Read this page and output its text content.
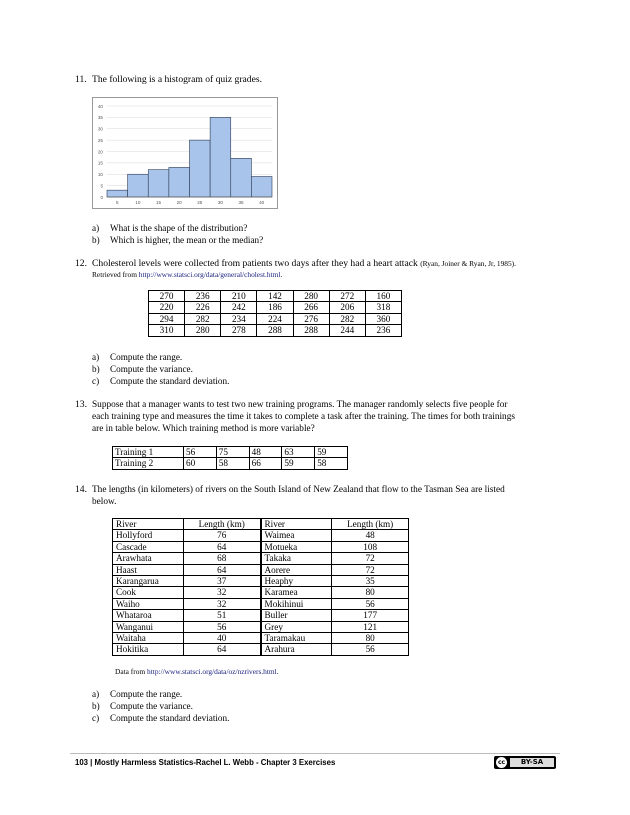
11. The following is a histogram of quiz grades.
0
5
10
15
20
25
30
35
40
5	10	15	20	25	30	35	40
a) What is the shape of the distribution?
b) Which is higher, the mean or the median?
12. Cholesterol levels were collected from patients two days after they had a heart attack (Ryan, Joiner & Ryan, Jr, 1985).
Retrieved from http://www.statsci.org/data/general/cholest.html.
270	236	210	142	280	272	160
220	226	242	186	266	206	318
294	282	234	224	276	282	360
310	280	278	288	288	244	236
a) Compute the range.
b) Compute the variance.
c) Compute the standard deviation.
13. Suppose that a manager wants to test two new training programs. The manager randomly selects five people for
each training type and measures the time it takes to complete a task after the training. The times for both trainings
are in table below. Which training method is more variable?
Training 1	56	75	48	63	59
Training 2	60	58	66	59	58
14. The lengths (in kilometers) of rivers on the South Island of New Zealand that flow to the Tasman Sea are listed
below.
River	Length (km)	River	Length (km)
Hollyford	76	Waimea	48
Cascade	64	Motueka	108
Arawhata	68	Takaka	72
Haast	64	Aorere	72
Karangarua	37	Heaphy	35
Cook	32	Karamea	80
Waiho	32	Mokihinui	56
Whataroa	51	Buller	177
Wanganui	56	Grey	121
Waitaha	40	Taramakau	80
Hokitika	64	Arahura	56
Data from http://www.statsci.org/data/oz/nzrivers.html.
a) Compute the range.
b) Compute the variance.
c) Compute the standard deviation.
103 | Mostly Harmless Statistics-Rachel L. Webb - Chapter 3 Exercises	cc	BY-SA
